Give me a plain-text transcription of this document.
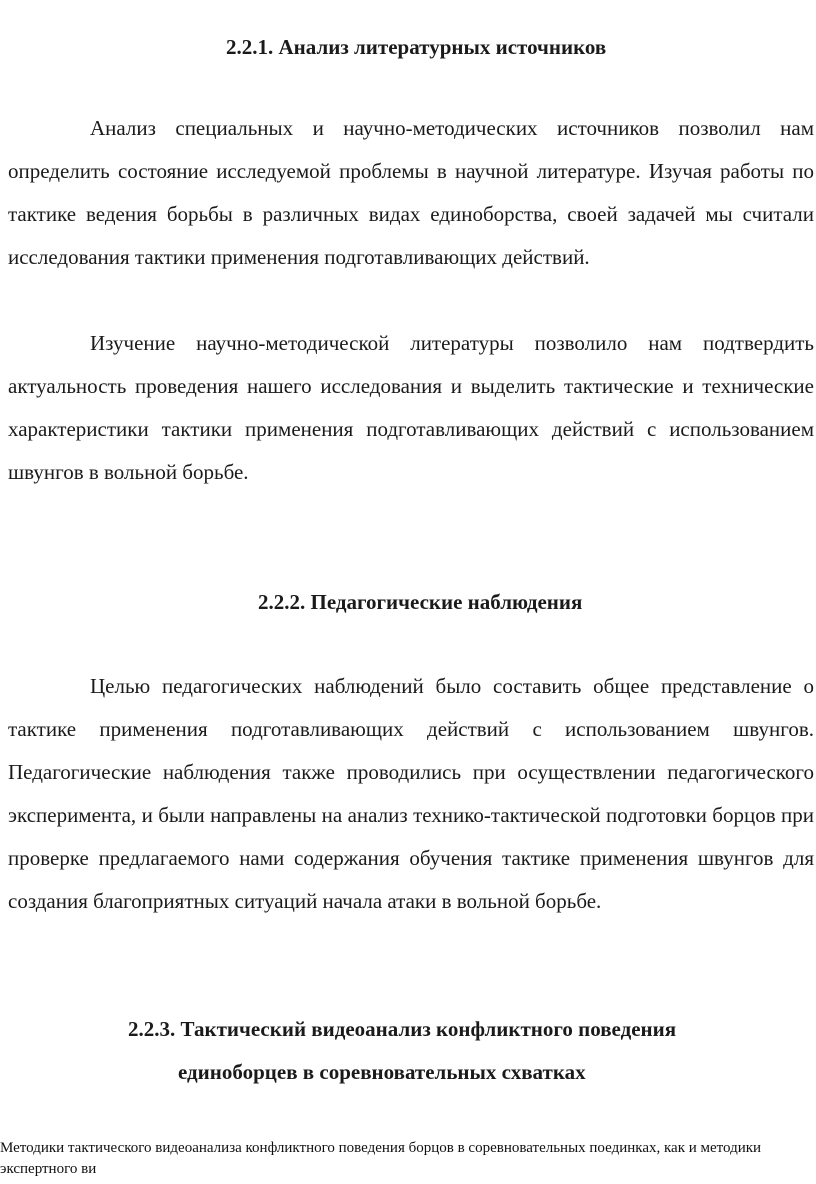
2.2.1. Анализ литературных источников

Анализ специальных и научно-методических источников позволил нам определить состояние исследуемой проблемы в научной литературе. Изучая работы по тактике ведения борьбы в различных видах единоборства, своей задачей мы считали исследования тактики применения подготавливающих действий.

Изучение научно-методической литературы позволило нам подтвердить актуальность проведения нашего исследования и выделить тактические и технические характеристики тактики применения подготавливающих действий с использованием швунгов в вольной борьбе.

2.2.2. Педагогические наблюдения

Целью педагогических наблюдений было составить общее представление о тактике применения подготавливающих действий с использованием швунгов. Педагогические наблюдения также проводились при осуществлении педагогического эксперимента, и были направлены на анализ технико-тактической подготовки борцов при проверке предлагаемого нами содержания обучения тактике применения швунгов для создания благоприятных ситуаций начала атаки в вольной борьбе.

2.2.3. Тактический видеоанализ конфликтного поведения
единоборцев в соревновательных схватках

Методики тактического видеоанализа конфликтного поведения борцов в соревновательных поединках, как и методики экспертного ви
